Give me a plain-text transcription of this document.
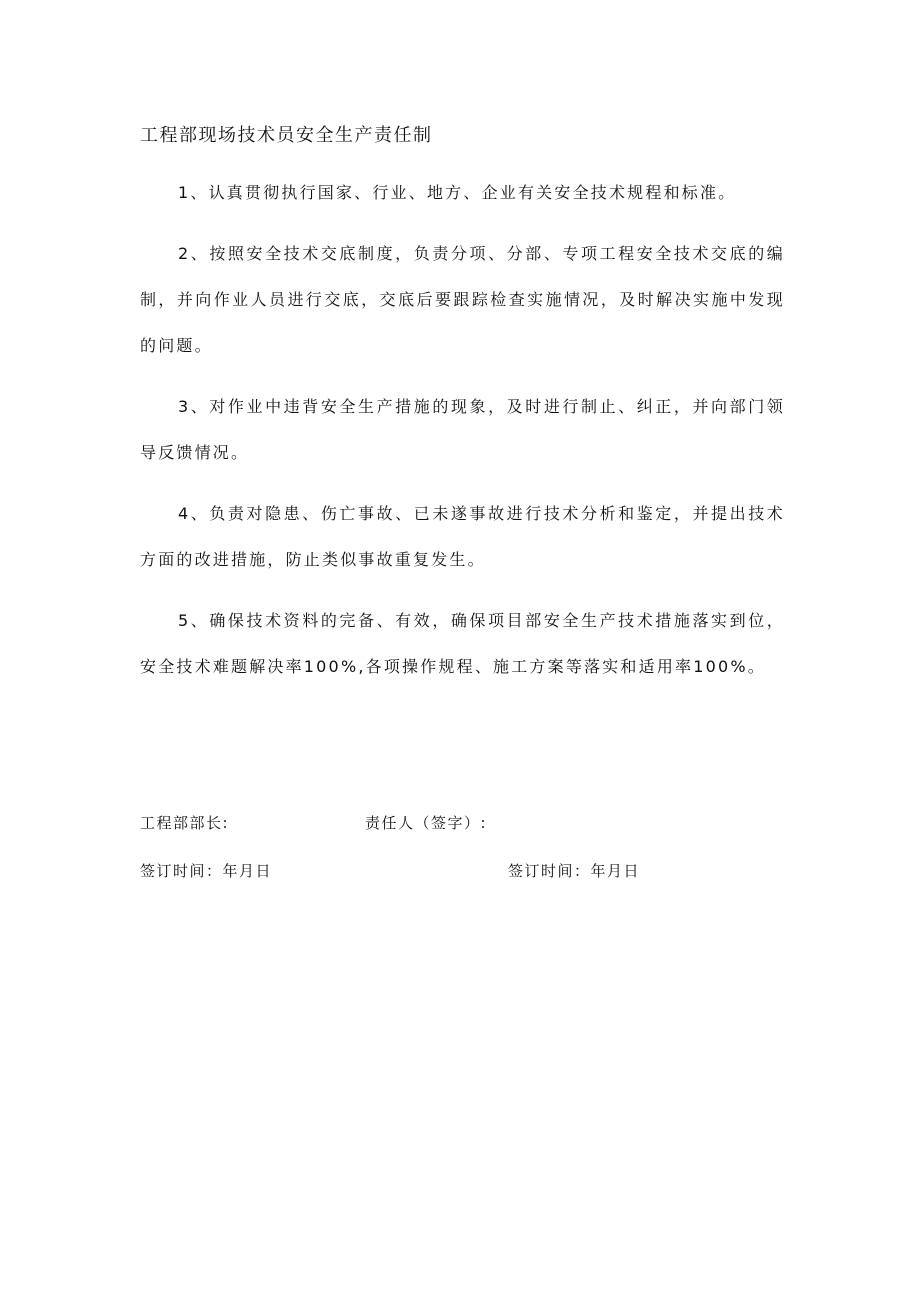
工程部现场技术员安全生产责任制

1、认真贯彻执行国家、行业、地方、企业有关安全技术规程和标准。

2、按照安全技术交底制度，负责分项、分部、专项工程安全技术交底的编制，并向作业人员进行交底，交底后要跟踪检查实施情况，及时解决实施中发现的问题。

3、对作业中违背安全生产措施的现象，及时进行制止、纠正，并向部门领导反馈情况。

4、负责对隐患、伤亡事故、已未遂事故进行技术分析和鉴定，并提出技术方面的改进措施，防止类似事故重复发生。

5、确保技术资料的完备、有效，确保项目部安全生产技术措施落实到位，安全技术难题解决率100%,各项操作规程、施工方案等落实和适用率100%。

工程部部长:	责任人（签字）:
签订时间：年月日	签订时间：年月日
